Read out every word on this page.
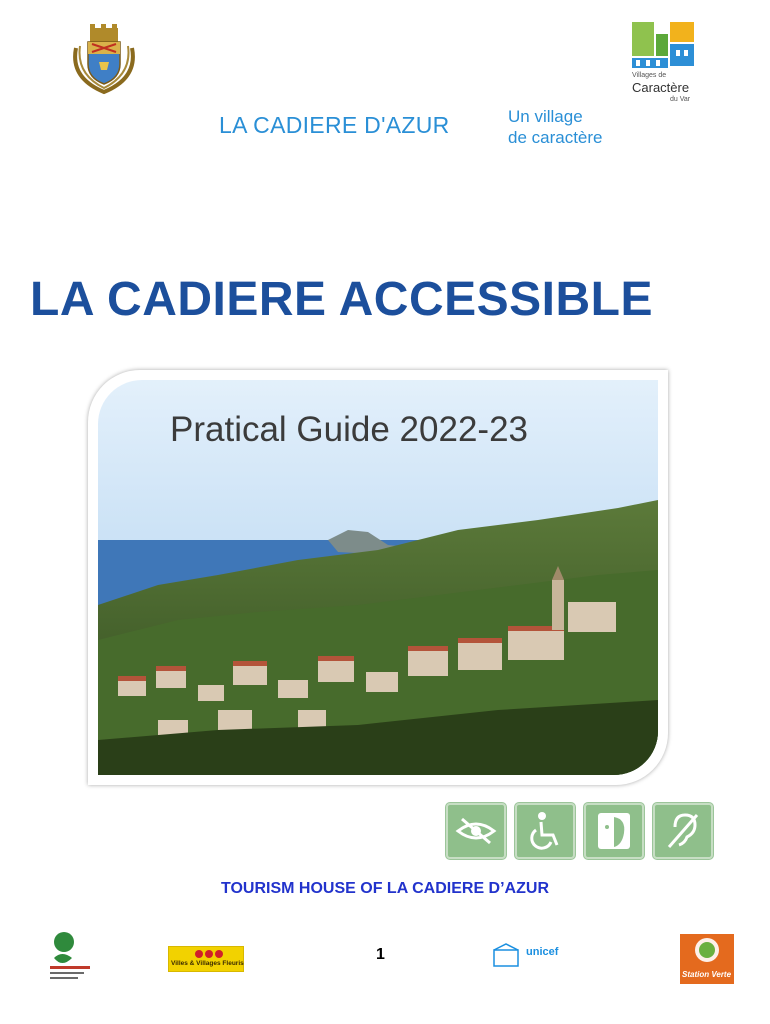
Villages de
Caractère
du Var
LA CADIERE D'AZUR	Un village
de caractère
LA CADIERE ACCESSIBLE
Pratical Guide 2022-23
TOURISM HOUSE OF LA CADIERE D’AZUR
1
Villes & Villages Fleuris
unicef
Station Verte
